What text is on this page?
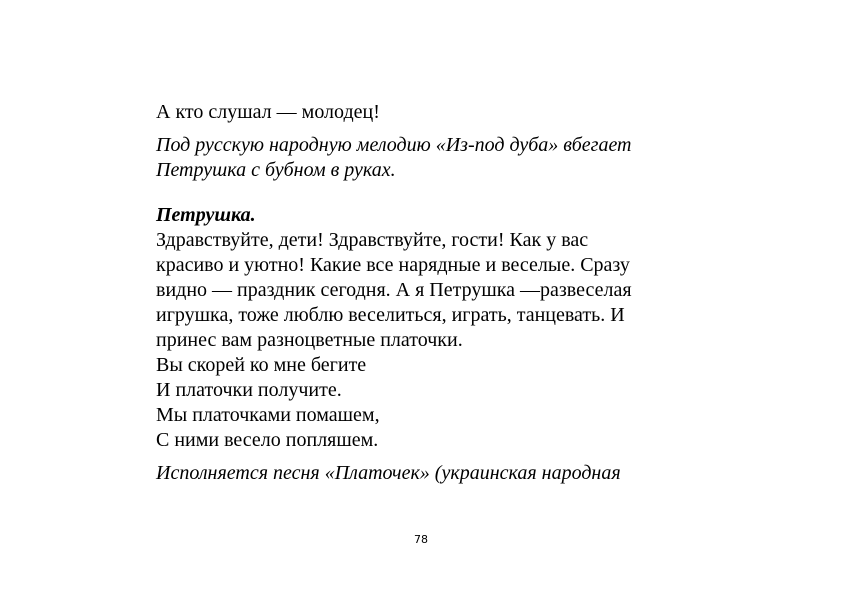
А кто слушал — молодец!
Под русскую народную мелодию «Из-под дуба» вбегает
Петрушка с бубном в руках.
Петрушка.
Здравствуйте, дети! Здравствуйте, гости! Как у вас
красиво и уютно! Какие все нарядные и веселые. Сразу
видно — праздник сегодня. А я Петрушка —развеселая
игрушка, тоже люблю веселиться, играть, танцевать. И
принес вам разноцветные платочки.
Вы скорей ко мне бегите
И платочки получите.
Мы платочками помашем,
С ними весело попляшем.
Исполняется песня «Платочек» (украинская народная
78
